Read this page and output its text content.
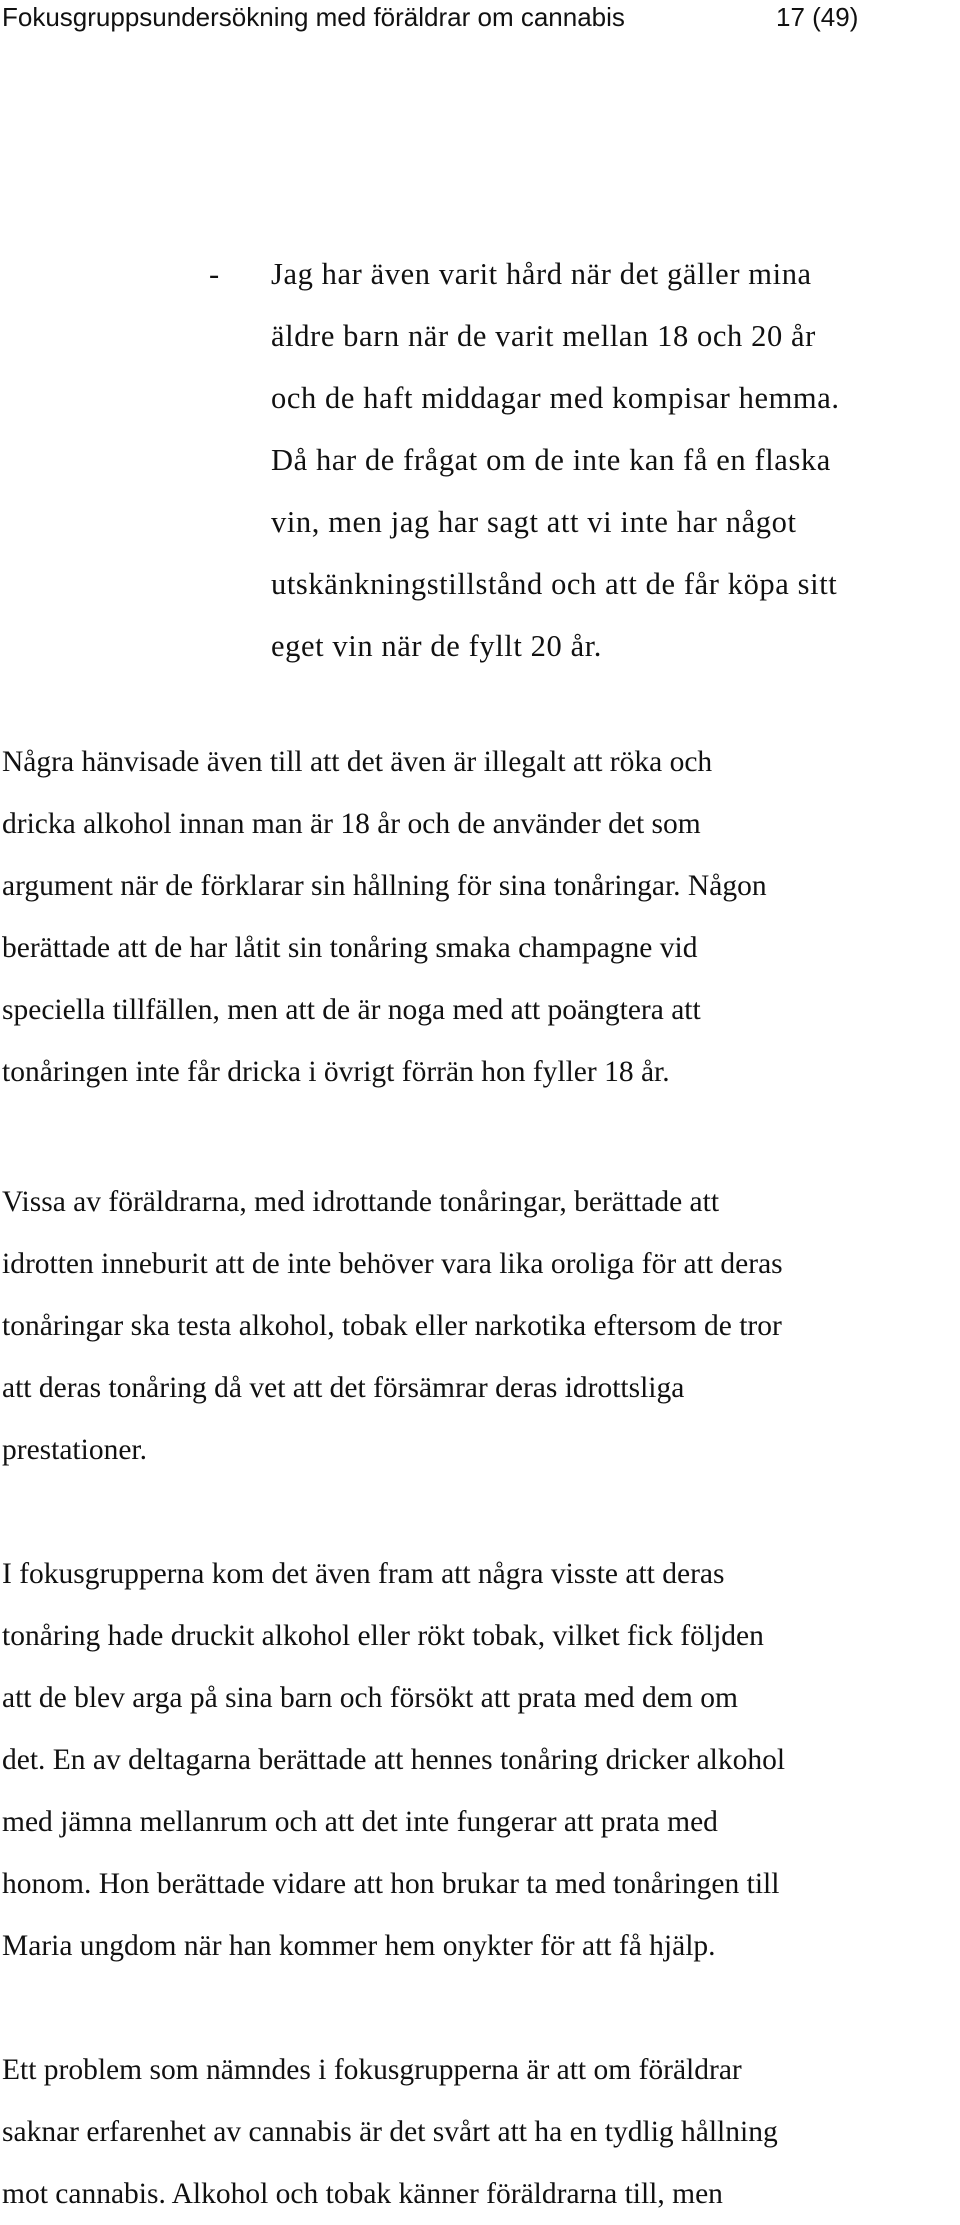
Fokusgruppsundersökning med föräldrar om cannabis	17 (49)
-	Jag har även varit hård när det gäller mina
äldre barn när de varit mellan 18 och 20 år
och de haft middagar med kompisar hemma.
Då har de frågat om de inte kan få en flaska
vin, men jag har sagt att vi inte har något
utskänkningstillstånd och att de får köpa sitt
eget vin när de fyllt 20 år.
Några hänvisade även till att det även är illegalt att röka och
dricka alkohol innan man är 18 år och de använder det som
argument när de förklarar sin hållning för sina tonåringar. Någon
berättade att de har låtit sin tonåring smaka champagne vid
speciella tillfällen, men att de är noga med att poängtera att
tonåringen inte får dricka i övrigt förrän hon fyller 18 år.
Vissa av föräldrarna, med idrottande tonåringar, berättade att
idrotten inneburit att de inte behöver vara lika oroliga för att deras
tonåringar ska testa alkohol, tobak eller narkotika eftersom de tror
att deras tonåring då vet att det försämrar deras idrottsliga
prestationer.
I fokusgrupperna kom det även fram att några visste att deras
tonåring hade druckit alkohol eller rökt tobak, vilket fick följden
att de blev arga på sina barn och försökt att prata med dem om
det. En av deltagarna berättade att hennes tonåring dricker alkohol
med jämna mellanrum och att det inte fungerar att prata med
honom. Hon berättade vidare att hon brukar ta med tonåringen till
Maria ungdom när han kommer hem onykter för att få hjälp.
Ett problem som nämndes i fokusgrupperna är att om föräldrar
saknar erfarenhet av cannabis är det svårt att ha en tydlig hållning
mot cannabis. Alkohol och tobak känner föräldrarna till, men
